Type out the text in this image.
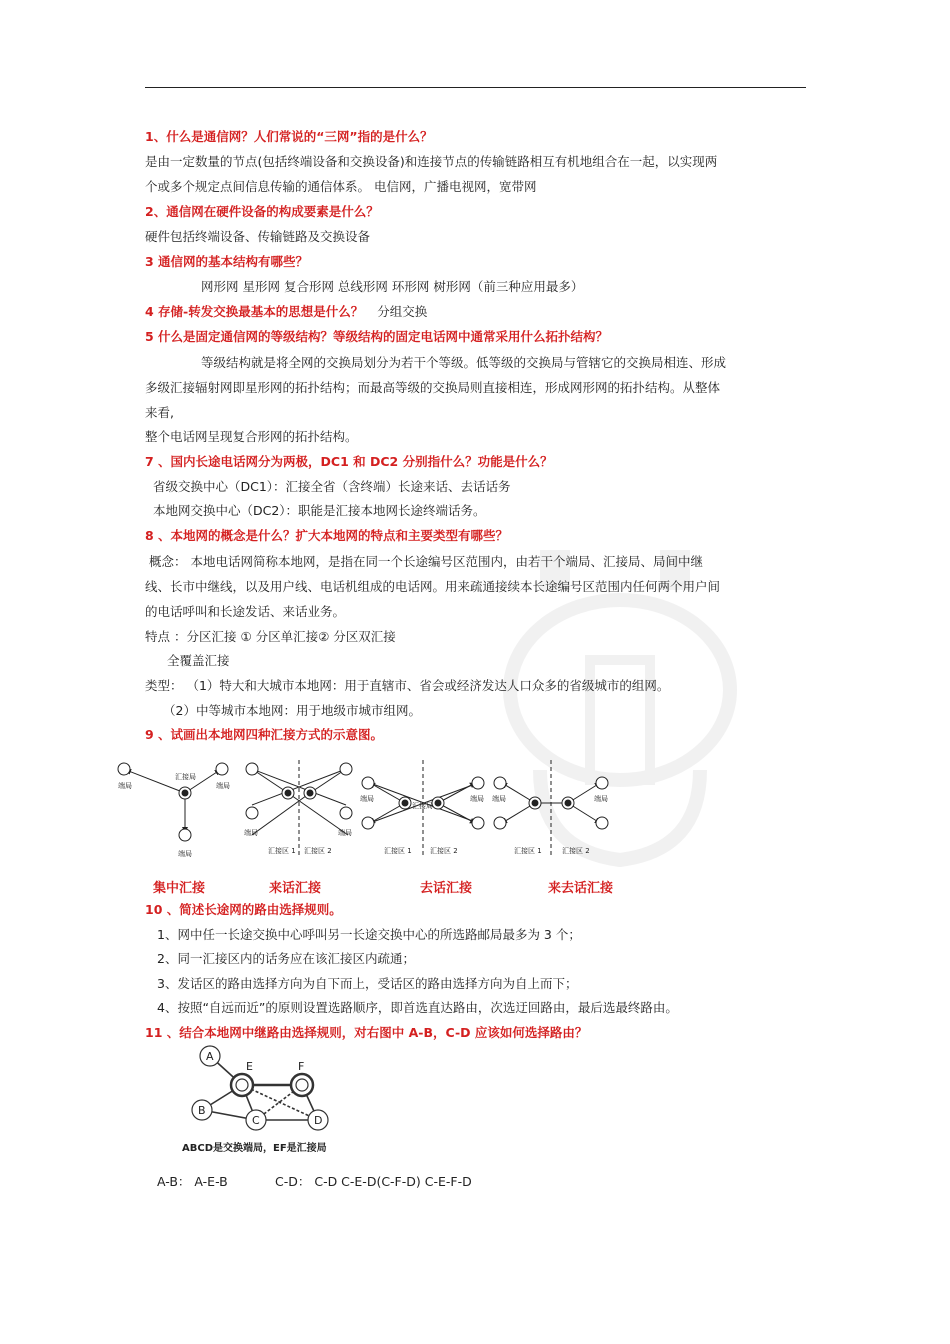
1、什么是通信网？人们常说的“三网”指的是什么？
是由一定数量的节点(包括终端设备和交换设备)和连接节点的传输链路相互有机地组合在一起，以实现两
个或多个规定点间信息传输的通信体系。 电信网，广播电视网，宽带网
2、通信网在硬件设备的构成要素是什么？
硬件包括终端设备、传输链路及交换设备
3 通信网的基本结构有哪些？
网形网 星形网 复合形网 总线形网 环形网 树形网（前三种应用最多）
4 存储-转发交换最基本的思想是什么？ 分组交换
5 什么是固定通信网的等级结构？等级结构的固定电话网中通常采用什么拓扑结构？
等级结构就是将全网的交换局划分为若干个等级。低等级的交换局与管辖它的交换局相连、形成
多级汇接辐射网即星形网的拓扑结构；而最高等级的交换局则直接相连，形成网形网的拓扑结构。从整体
来看,
整个电话网呈现复合形网的拓扑结构。
7 、国内长途电话网分为两极，DC1 和 DC2 分别指什么？功能是什么？
省级交换中心（DC1）：汇接全省（含终端）长途来话、去话话务
本地网交换中心（DC2）：职能是汇接本地网长途终端话务。
8 、本地网的概念是什么？扩大本地网的特点和主要类型有哪些？
概念： 本地电话网简称本地网，是指在同一个长途编号区范围内，由若干个端局、汇接局、局间中继
线、长市中继线，以及用户线、电话机组成的电话网。用来疏通接续本长途编号区范围内任何两个用户间
的电话呼叫和长途发话、来话业务。
特点 ：分区汇接 ① 分区单汇接② 分区双汇接
全覆盖汇接
类型： （1）特大和大城市本地网：用于直辖市、省会或经济发达人口众多的省级城市的组网。
（2）中等城市本地网：用于地级市城市组网。
9 、试画出本地网四种汇接方式的示意图。
端局	端局
端局
汇接局
端局	端局
汇接区 1 汇接区 2
端局	端局
汇接局
汇接区 1	汇接区 2
端局	端局
汇接区 1	汇接区 2
集中汇接	来话汇接	去话汇接	来去话汇接
10 、简述长途网的路由选择规则。
1、网中任一长途交换中心呼叫另一长途交换中心的所选路邮局最多为 3 个；
2、同一汇接区内的话务应在该汇接区内疏通；
3、发话区的路由选择方向为自下而上，受话区的路由选择方向为自上而下；
4、按照“自远而近”的原则设置选路顺序，即首选直达路由，次选迂回路由，最后选最终路由。
11 、结合本地网中继路由选择规则，对右图中 A-B，C-D 应该如何选择路由？
A
B
C	D
E	F
ABCD是交换端局，EF是汇接局
A-B： A-E-B	C-D： C-D C-E-D(C-F-D) C-E-F-D
